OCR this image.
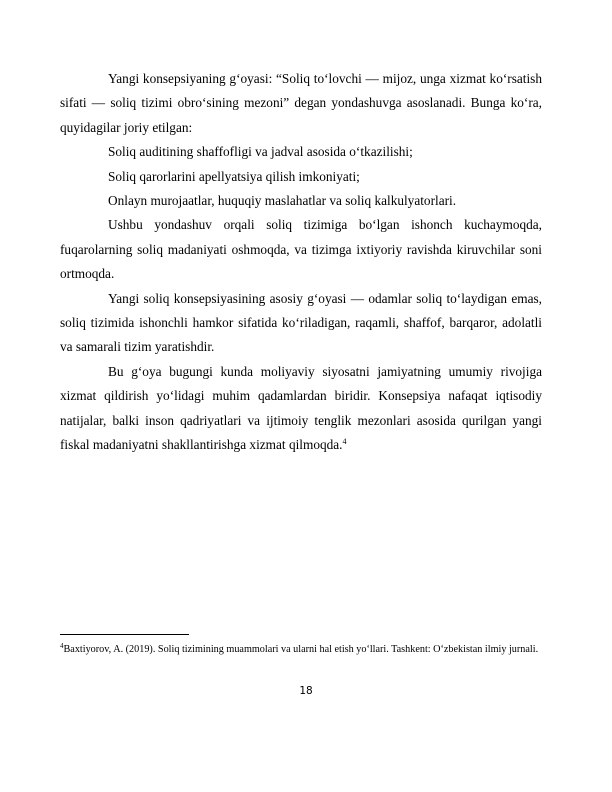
Yangi konsepsiyaning g‘oyasi: “Soliq to‘lovchi — mijoz, unga xizmat ko‘rsatish sifati — soliq tizimi obro‘sining mezoni” degan yondashuvga asoslanadi. Bunga ko‘ra, quyidagilar joriy etilgan:

Soliq auditining shaffofligi va jadval asosida o‘tkazilishi;

Soliq qarorlarini apellyatsiya qilish imkoniyati;

Onlayn murojaatlar, huquqiy maslahatlar va soliq kalkulyatorlari.

Ushbu yondashuv orqali soliq tizimiga bo‘lgan ishonch kuchaymoqda, fuqarolarning soliq madaniyati oshmoqda, va tizimga ixtiyoriy ravishda kiruvchilar soni ortmoqda.

Yangi soliq konsepsiyasining asosiy g‘oyasi — odamlar soliq to‘laydigan emas, soliq tizimida ishonchli hamkor sifatida ko‘riladigan, raqamli, shaffof, barqaror, adolatli va samarali tizim yaratishdir.

Bu g‘oya bugungi kunda moliyaviy siyosatni jamiyatning umumiy rivojiga xizmat qildirish yo‘lidagi muhim qadamlardan biridir. Konsepsiya nafaqat iqtisodiy natijalar, balki inson qadriyatlari va ijtimoiy tenglik mezonlari asosida qurilgan yangi fiskal madaniyatni shakllantirishga xizmat qilmoqda.$^4$

$^4$Baxtiyorov, A. (2019). Soliq tizimining muammolari va ularni hal etish yo‘llari. Tashkent: O‘zbekistan ilmiy jurnali.

18
